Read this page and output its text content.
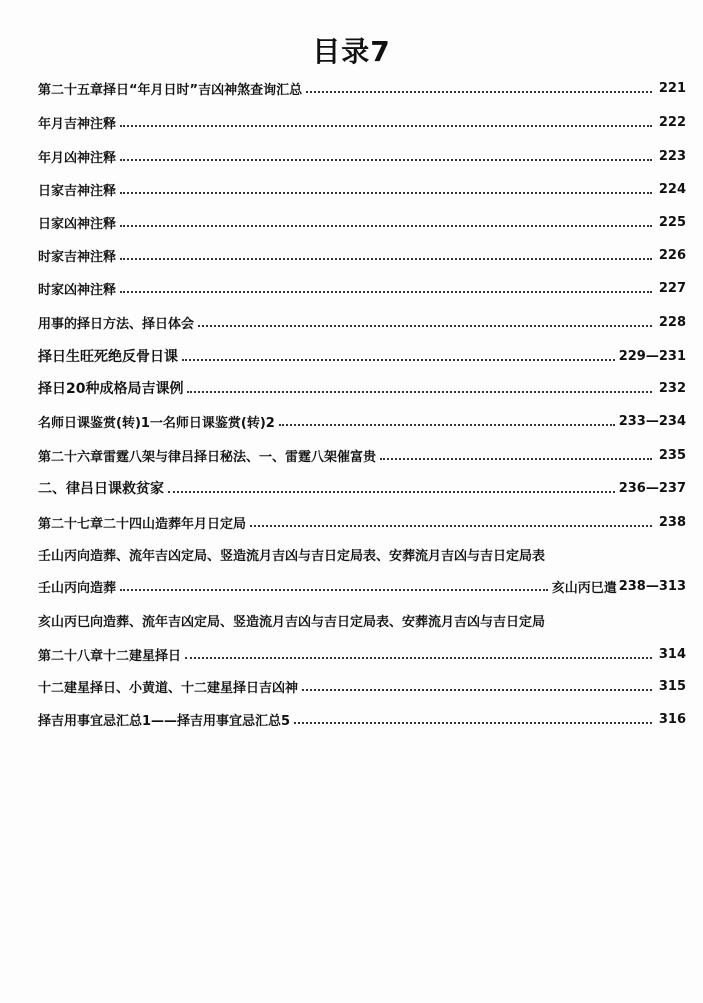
目录7
第二十五章择日“年月日时”吉凶神煞查询汇总	221
年月吉神注释	222
年月凶神注释	223
日家吉神注释	224
日家凶神注释	225
时家吉神注释	226
时家凶神注释	227
用事的择日方法、择日体会	228
择日生旺死绝反骨日课	229—231
择日20种成格局吉课例	232
名师日课鉴赏(转)1一名师日课鉴赏(转)2	233—234
第二十六章雷霆八架与律吕择日秘法、一、雷霆八架催富贵	235
二、律吕日课救贫家	236—237
第二十七章二十四山造葬年月日定局	238
壬山丙向造葬、流年吉凶定局、竖造流月吉凶与吉日定局表、安葬流月吉凶与吉日定局表
壬山丙向造葬	亥山丙巳遣 238—313
亥山丙巳向造葬、流年吉凶定局、竖造流月吉凶与吉日定局表、安葬流月吉凶与吉日定局
第二十八章十二建星择日	314
十二建星择日、小黄道、十二建星择日吉凶神	315
择吉用事宜忌汇总1——择吉用事宜忌汇总5	316
